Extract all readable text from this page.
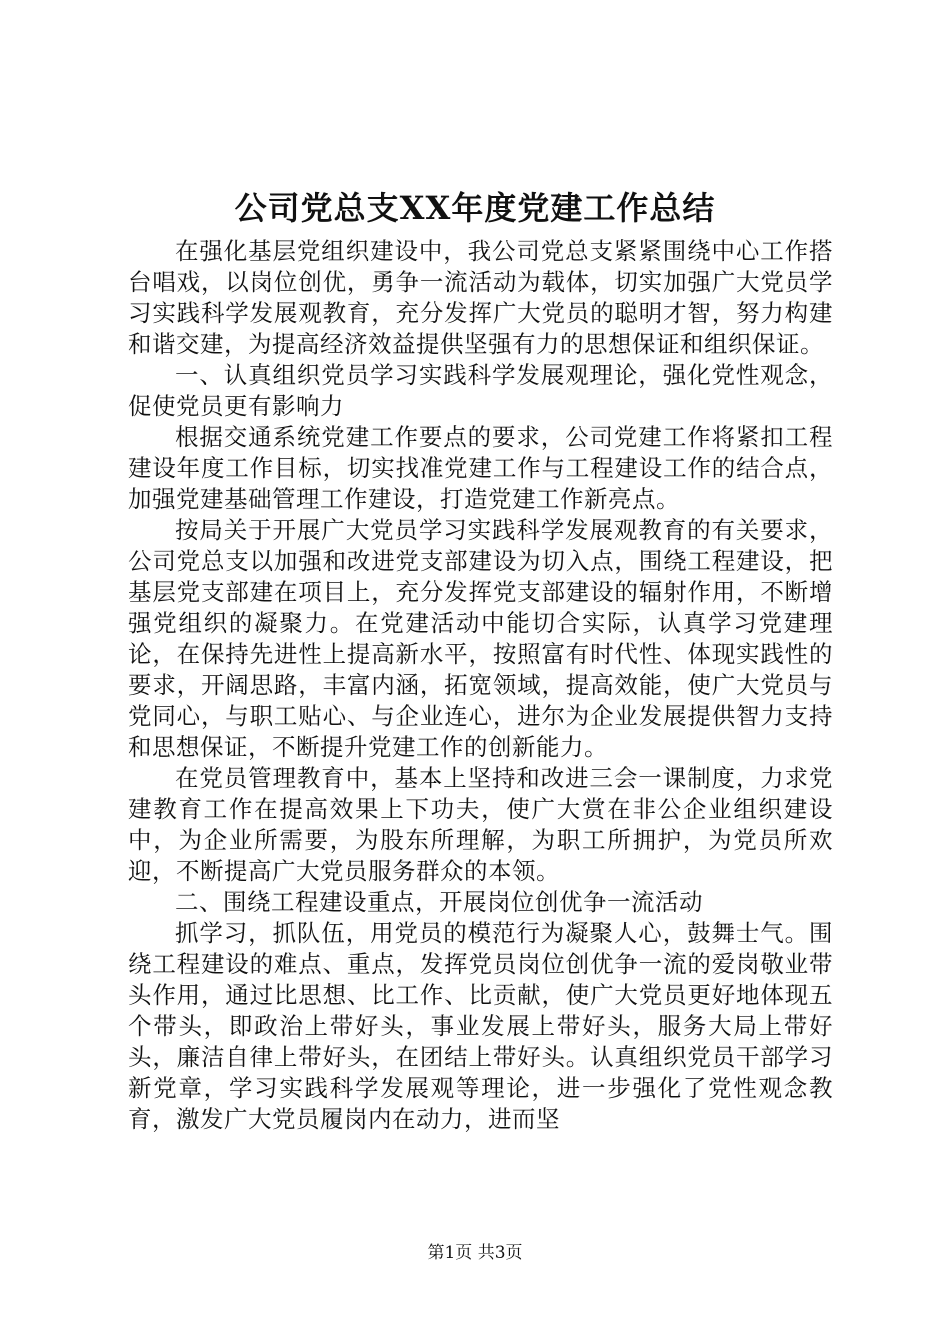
公司党总支XX年度党建工作总结

在强化基层党组织建设中，我公司党总支紧紧围绕中心工作搭台唱戏，以岗位创优，勇争一流活动为载体，切实加强广大党员学习实践科学发展观教育，充分发挥广大党员的聪明才智，努力构建和谐交建，为提高经济效益提供坚强有力的思想保证和组织保证。

一、认真组织党员学习实践科学发展观理论，强化党性观念，促使党员更有影响力

根据交通系统党建工作要点的要求，公司党建工作将紧扣工程建设年度工作目标，切实找准党建工作与工程建设工作的结合点，加强党建基础管理工作建设，打造党建工作新亮点。

按局关于开展广大党员学习实践科学发展观教育的有关要求，公司党总支以加强和改进党支部建设为切入点，围绕工程建设，把基层党支部建在项目上，充分发挥党支部建设的辐射作用，不断增强党组织的凝聚力。在党建活动中能切合实际，认真学习党建理论，在保持先进性上提高新水平，按照富有时代性、体现实践性的要求，开阔思路，丰富内涵，拓宽领域，提高效能，使广大党员与党同心，与职工贴心、与企业连心，进尔为企业发展提供智力支持和思想保证，不断提升党建工作的创新能力。

在党员管理教育中，基本上坚持和改进三会一课制度，力求党建教育工作在提高效果上下功夫，使广大赏在非公企业组织建设中，为企业所需要，为股东所理解，为职工所拥护，为党员所欢迎，不断提高广大党员服务群众的本领。

二、围绕工程建设重点，开展岗位创优争一流活动

抓学习，抓队伍，用党员的模范行为凝聚人心，鼓舞士气。围绕工程建设的难点、重点，发挥党员岗位创优争一流的爱岗敬业带头作用，通过比思想、比工作、比贡献，使广大党员更好地体现五个带头，即政治上带好头，事业发展上带好头，服务大局上带好头，廉洁自律上带好头，在团结上带好头。认真组织党员干部学习新党章，学习实践科学发展观等理论，进一步强化了党性观念教育，激发广大党员履岗内在动力，进而坚

第1页 共3页
